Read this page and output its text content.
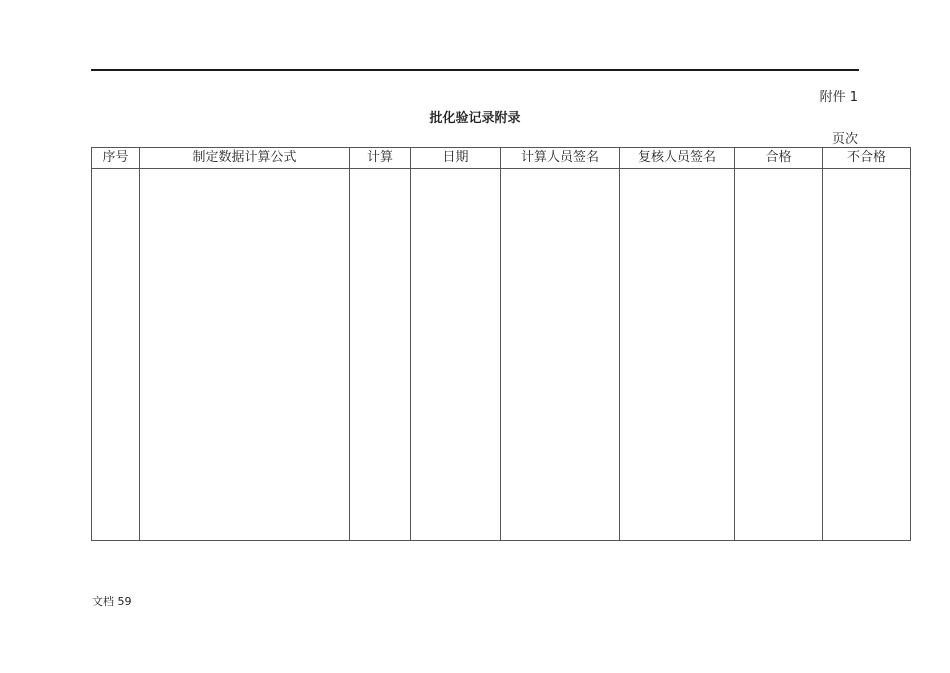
附件 1
批化验记录附录
页次
序号	制定数据计算公式	计算	日期	计算人员签名	复核人员签名	合格	不合格

文档 59
